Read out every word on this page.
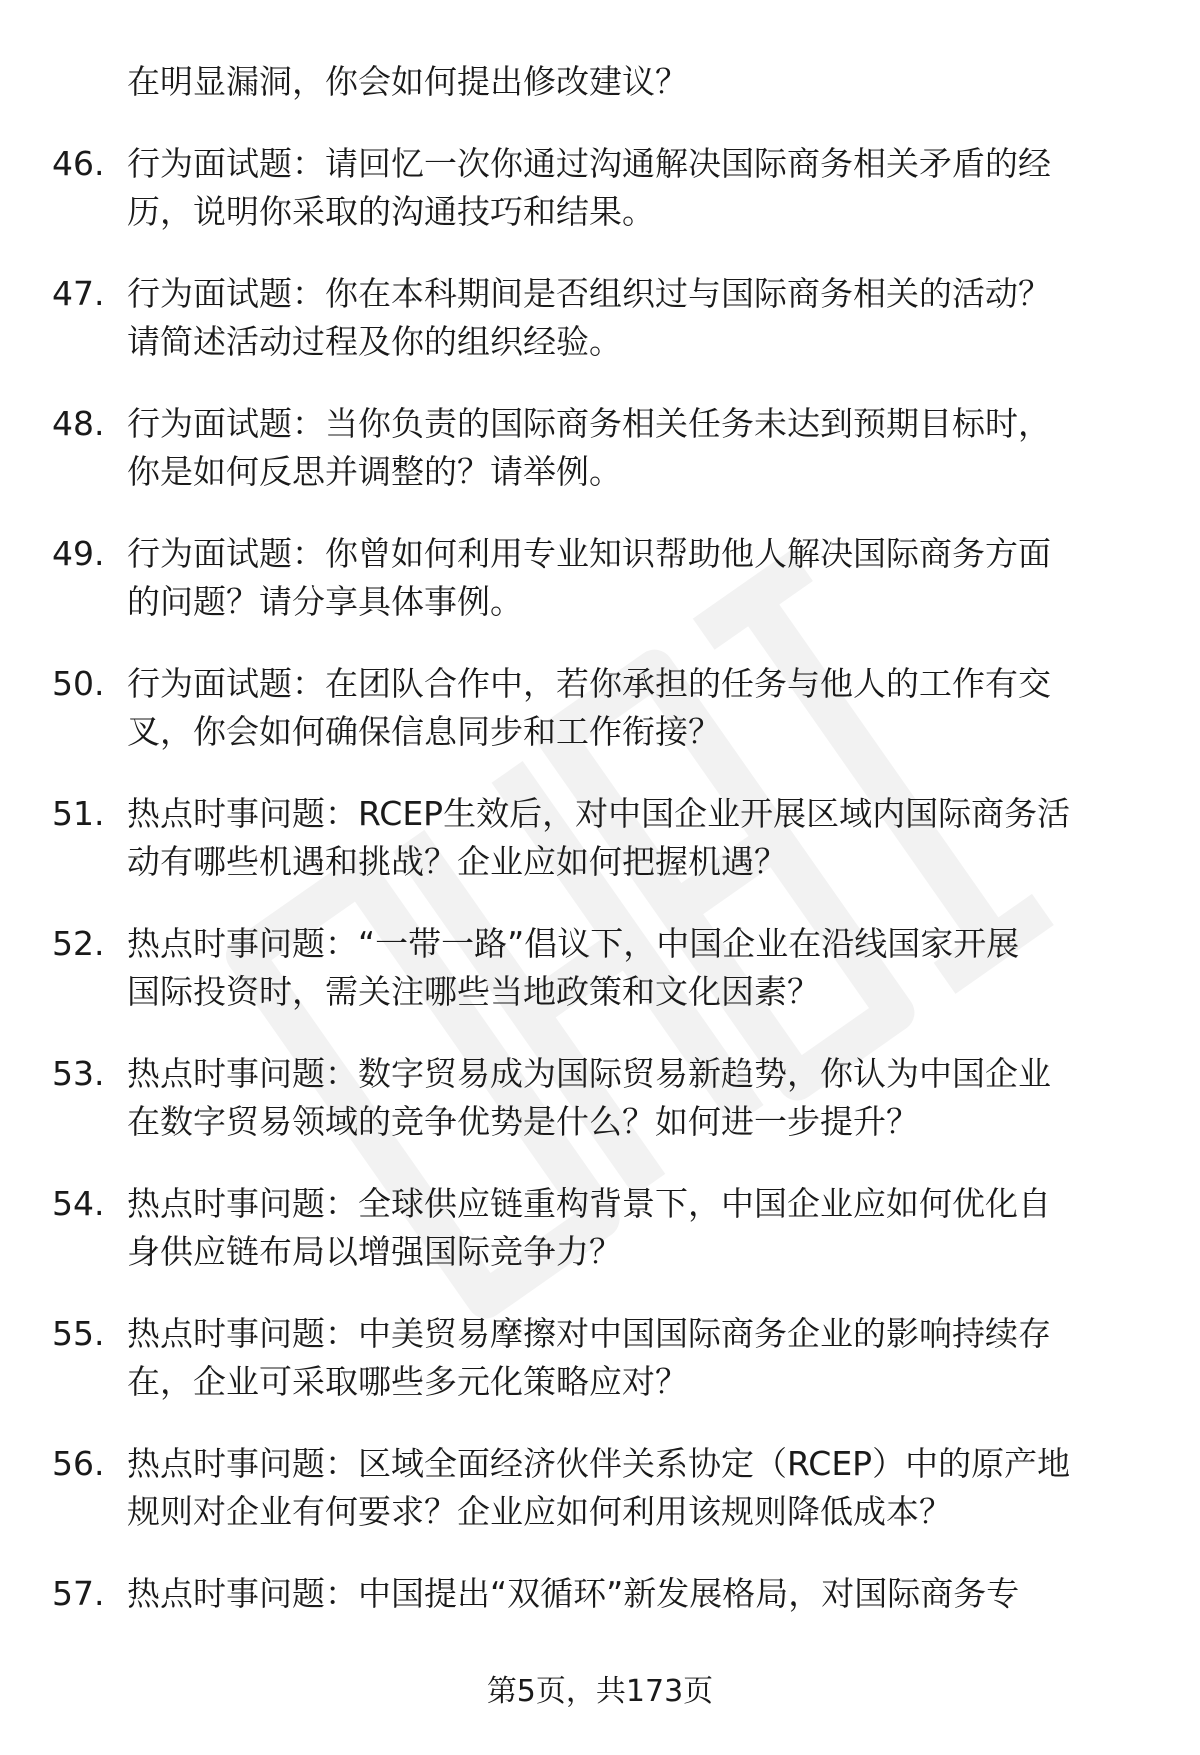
在明显漏洞，你会如何提出修改建议？
46. 行为面试题：请回忆一次你通过沟通解决国际商务相关矛盾的经
历，说明你采取的沟通技巧和结果。
47. 行为面试题：你在本科期间是否组织过与国际商务相关的活动？
请简述活动过程及你的组织经验。
48. 行为面试题：当你负责的国际商务相关任务未达到预期目标时，
你是如何反思并调整的？请举例。
49. 行为面试题：你曾如何利用专业知识帮助他人解决国际商务方面
的问题？请分享具体事例。
50. 行为面试题：在团队合作中，若你承担的任务与他人的工作有交
叉，你会如何确保信息同步和工作衔接？
51. 热点时事问题：RCEP生效后，对中国企业开展区域内国际商务活
动有哪些机遇和挑战？企业应如何把握机遇？
52. 热点时事问题：“一带一路”倡议下，中国企业在沿线国家开展
国际投资时，需关注哪些当地政策和文化因素？
53. 热点时事问题：数字贸易成为国际贸易新趋势，你认为中国企业
在数字贸易领域的竞争优势是什么？如何进一步提升？
54. 热点时事问题：全球供应链重构背景下，中国企业应如何优化自
身供应链布局以增强国际竞争力？
55. 热点时事问题：中美贸易摩擦对中国国际商务企业的影响持续存
在，企业可采取哪些多元化策略应对？
56. 热点时事问题：区域全面经济伙伴关系协定（RCEP）中的原产地
规则对企业有何要求？企业应如何利用该规则降低成本？
57. 热点时事问题：中国提出“双循环”新发展格局，对国际商务专
第5页，共173页
